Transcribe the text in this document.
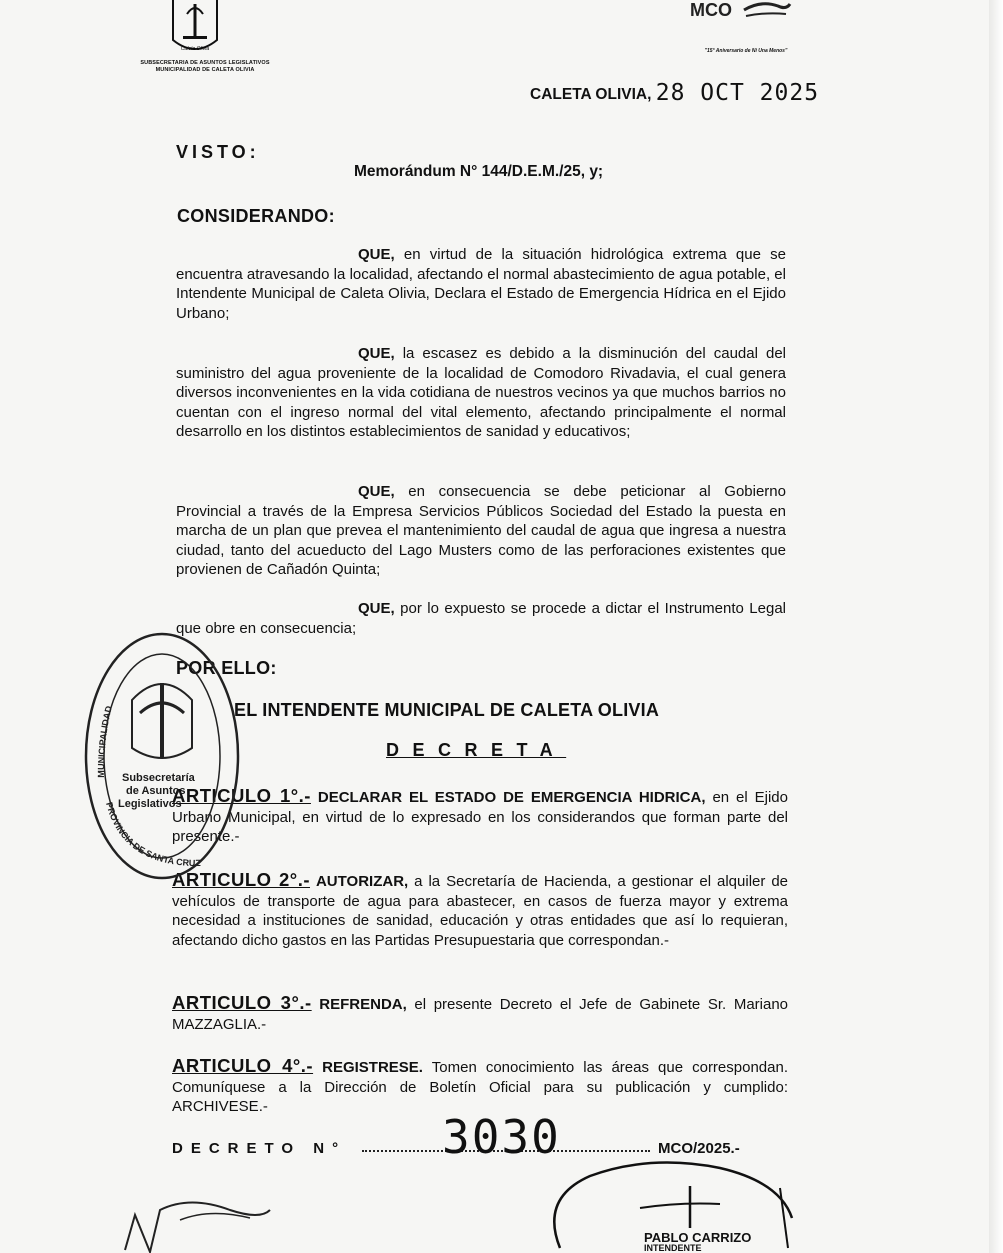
Caleta Olivia
SUBSECRETARIA DE ASUNTOS LEGISLATIVOS
MUNICIPALIDAD DE CALETA OLIVIA
MCO
"15° Aniversario de Ni Una Menos"
CALETA OLIVIA, 28 OCT 2025
VISTO:
Memorándum N° 144/D.E.M./25, y;
CONSIDERANDO:
QUE, en virtud de la situación hidrológica extrema que se encuentra atravesando la localidad, afectando el normal abastecimiento de agua potable, el Intendente Municipal de Caleta Olivia, Declara el Estado de Emergencia Hídrica en el Ejido Urbano;
QUE, la escasez es debido a la disminución del caudal del suministro del agua proveniente de la localidad de Comodoro Rivadavia, el cual genera diversos inconvenientes en la vida cotidiana de nuestros vecinos ya que muchos barrios no cuentan con el ingreso normal del vital elemento, afectando principalmente el normal desarrollo en los distintos establecimientos de sanidad y educativos;
QUE, en consecuencia se debe peticionar al Gobierno Provincial a través de la Empresa Servicios Públicos Sociedad del Estado la puesta en marcha de un plan que prevea el mantenimiento del caudal de agua que ingresa a nuestra ciudad, tanto del acueducto del Lago Musters como de las perforaciones existentes que provienen de Cañadón Quinta;
QUE, por lo expuesto se procede a dictar el Instrumento Legal que obre en consecuencia;
POR ELLO:
EL INTENDENTE MUNICIPAL DE CALETA OLIVIA
DECRETA
ARTICULO 1°.- DECLARAR EL ESTADO DE EMERGENCIA HIDRICA, en el Ejido Urbano Municipal, en virtud de lo expresado en los considerandos que forman parte del presente.-
ARTICULO 2°.- AUTORIZAR, a la Secretaría de Hacienda, a gestionar el alquiler de vehículos de transporte de agua para abastecer, en casos de fuerza mayor y extrema necesidad a instituciones de sanidad, educación y otras entidades que así lo requieran, afectando dicho gastos en las Partidas Presupuestaria que correspondan.-
ARTICULO 3°.- REFRENDA, el presente Decreto el Jefe de Gabinete Sr. Mariano MAZZAGLIA.-
ARTICULO 4°.- REGISTRESE. Tomen conocimiento las áreas que correspondan. Comuníquese a la Dirección de Boletín Oficial para su publicación y cumplido: ARCHIVESE.-
DECRETO N° 3030	MCO/2025.-
MUNICIPALIDAD
PROVINCIA DE SANTA CRUZ
Subsecretaría
de Asuntos
Legislativos
PABLO CARRIZO
INTENDENTE
